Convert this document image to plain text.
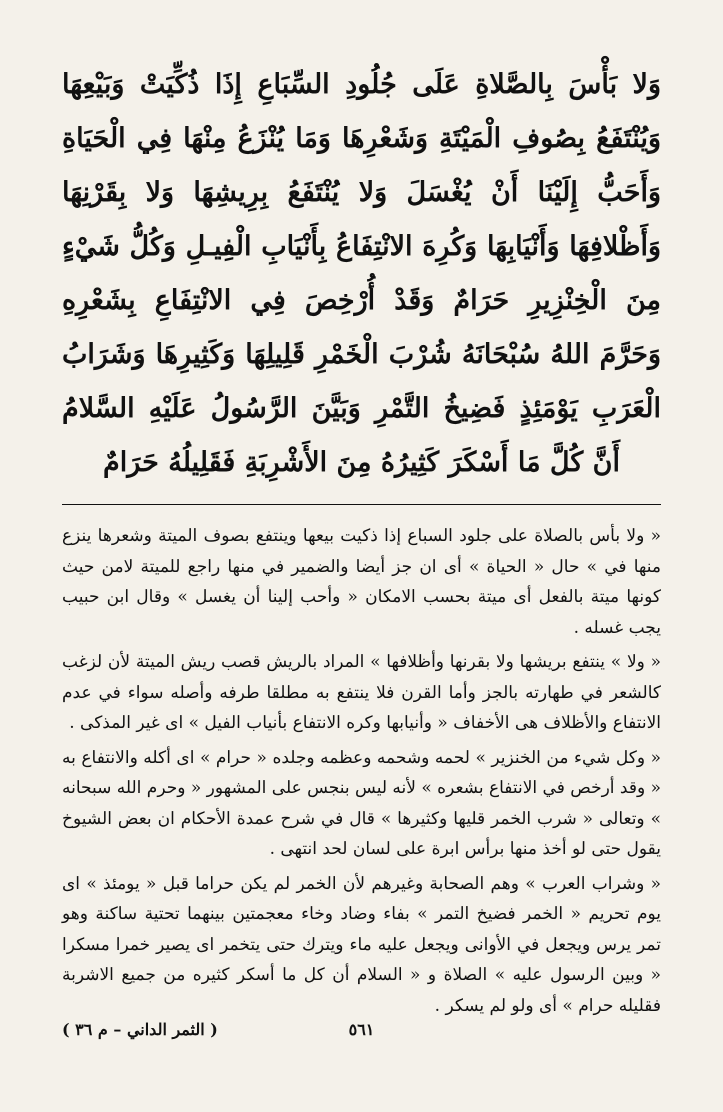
وَلا بَأْسَ بِالصَّلاةِ عَلَى جُلُودِ السِّبَاعِ إِذَا ذُكِّيَتْ وَبَيْعِهَا وَيُنْتَفَعُ بِصُوفِ الْمَيْتَةِ وَشَعْرِهَا وَمَا يُنْزَعُ مِنْهَا فِي الْحَيَاةِ وَأَحَبُّ إِلَيْنَا أَنْ يُغْسَلَ وَلا يُنْتَفَعُ بِرِيشِهَا وَلا بِقَرْنِهَا وَأَظْلافِهَا وَأَنْيَابِهَا وَكُرِهَ الانْتِفَاعُ بِأَنْيَابِ الْفِيـلِ وَكُلُّ شَيْءٍ مِنَ الْخِنْزِيرِ حَرَامٌ وَقَدْ أُرْخِصَ فِي الانْتِفَاعِ بِشَعْرِهِ وَحَرَّمَ اللهُ سُبْحَانَهُ شُرْبَ الْخَمْرِ قَلِيلِهَا وَكَثِيرِهَا وَشَرَابُ الْعَرَبِ يَوْمَئِذٍ فَضِيخُ التَّمْرِ وَبَيَّنَ الرَّسُولُ عَلَيْهِ السَّلامُ أَنَّ كُلَّ مَا أَسْكَرَ كَثِيرُهُ مِنَ الأَشْرِبَةِ فَقَلِيلُهُ حَرَامٌ

« ولا بأس بالصلاة على جلود السباع إذا ذكيت بيعها وينتفع بصوف الميتة وشعرها ينزع منها في » حال « الحياة » أى ان جز أيضا والضمير في منها راجع للميتة لامن حيث كونها ميتة بالفعل أى ميتة بحسب الامكان « وأحب إلينا أن يغسل » وقال ابن حبيب يجب غسله .

« ولا » ينتفع بريشها ولا بقرنها وأظلافها » المراد بالريش قصب ريش الميتة لأن لزغب كالشعر في طهارته بالجز وأما القرن فلا ينتفع به مطلقا طرفه وأصله سواء في عدم الانتفاع والأظلاف هى الأخفاف « وأنيابها وكره الانتفاع بأنياب الفيل » اى غير المذكى .

« وكل شيء من الخنزير » لحمه وشحمه وعظمه وجلده « حرام » اى أكله والانتفاع به « وقد أرخص في الانتفاع بشعره » لأنه ليس بنجس على المشهور « وحرم الله سبحانه » وتعالى « شرب الخمر قليها وكثيرها » قال في شرح عمدة الأحكام ان بعض الشيوخ يقول حتى لو أخذ منها برأس ابرة على لسان لحد انتهى .

« وشراب العرب » وهم الصحابة وغيرهم لأن الخمر لم يكن حراما قبل « يومئذ » اى يوم تحريم « الخمر فضيخ التمر » بفاء وضاد وخاء معجمتين بينهما تحتية ساكنة وهو تمر يرس ويجعل في الأوانى ويجعل عليه ماء ويترك حتى يتخمر اى يصير خمرا مسكرا « وبين الرسول عليه » الصلاة و « السلام أن كل ما أسكر كثيره من جميع الاشربة فقليله حرام » أى ولو لم يسكر .

( الثمر الداني – م ٣٦ )	٥٦١
